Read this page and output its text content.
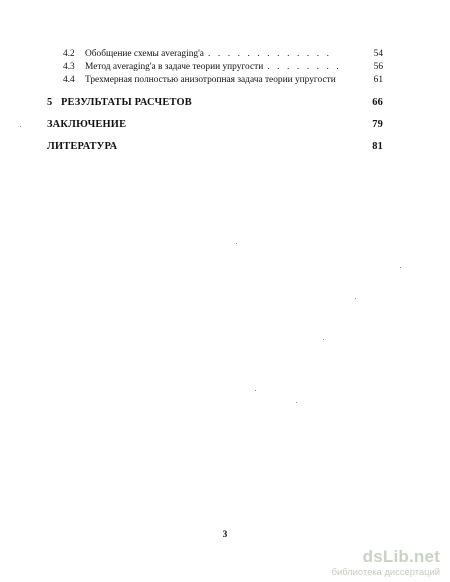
4.2	Обобщение схемы averaging'а . . . . . . . . . . . . .	54
4.3	Метод averaging'а в задаче теории упругости . . . . . . . .	56
4.4	Трехмерная полностью анизотропная задача теории упругости	61
5 РЕЗУЛЬТАТЫ РАСЧЕТОВ	66
ЗАКЛЮЧЕНИЕ	79
ЛИТЕРАТУРА	81
3
dsLib.net
библиотека диссертаций
